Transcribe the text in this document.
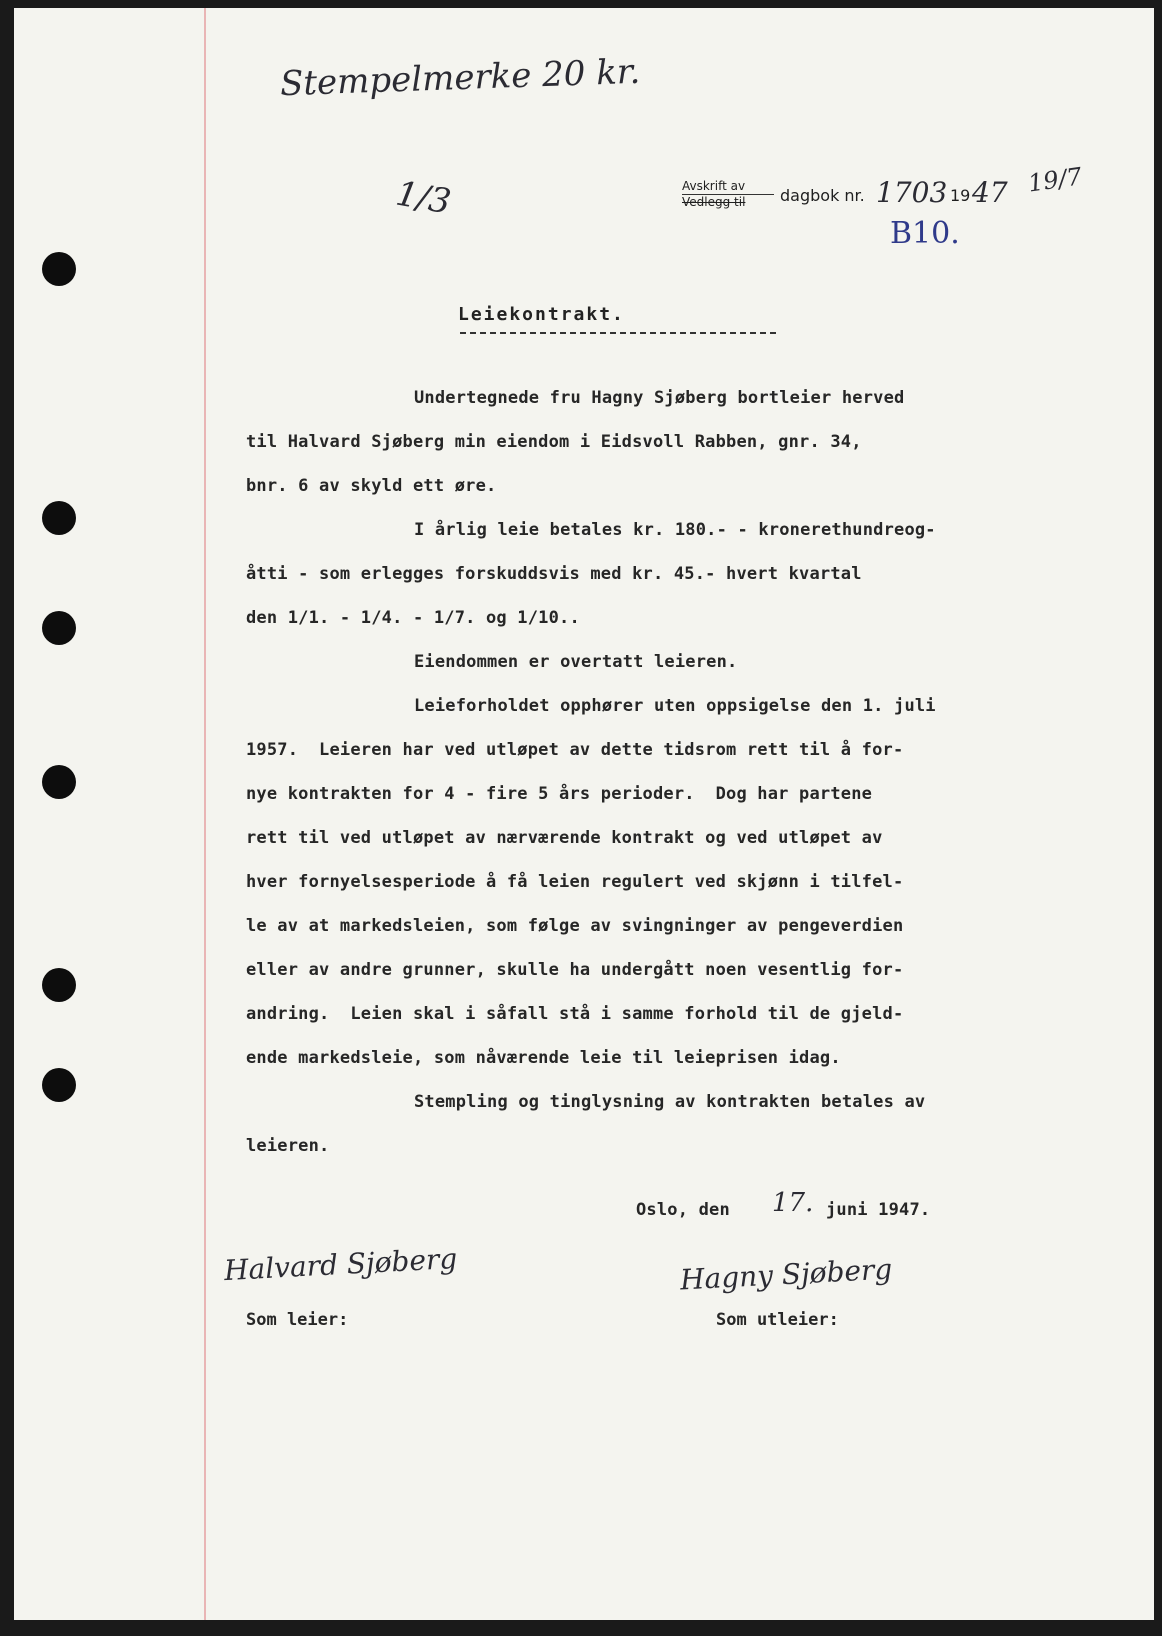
Stempelmerke 20 kr.
1/3	Avskrift av
Vedlegg til dagbok nr. 1703 19 47 19/7
B10.
Leiekontrakt.
Undertegnede fru Hagny Sjøberg bortleier herved
til Halvard Sjøberg min eiendom i Eidsvoll Rabben, gnr. 34,
bnr. 6 av skyld ett øre.
I årlig leie betales kr. 180.- - kronerethundreog-
åtti - som erlegges forskuddsvis med kr. 45.- hvert kvartal
den 1/1. - 1/4. - 1/7. og 1/10..
Eiendommen er overtatt leieren.
Leieforholdet opphører uten oppsigelse den 1. juli
1957.  Leieren har ved utløpet av dette tidsrom rett til å for-
nye kontrakten for 4 - fire 5 års perioder.  Dog har partene
rett til ved utløpet av nærværende kontrakt og ved utløpet av
hver fornyelsesperiode å få leien regulert ved skjønn i tilfel-
le av at markedsleien, som følge av svingninger av pengeverdien
eller av andre grunner, skulle ha undergått noen vesentlig for-
andring.  Leien skal i såfall stå i samme forhold til de gjeld-
ende markedsleie, som nåværende leie til leieprisen idag.
Stempling og tinglysning av kontrakten betales av
leieren.
Oslo, den 17. juni 1947.
Halvard Sjøberg
Som leier:
Hagny Sjøberg
Som utleier:
